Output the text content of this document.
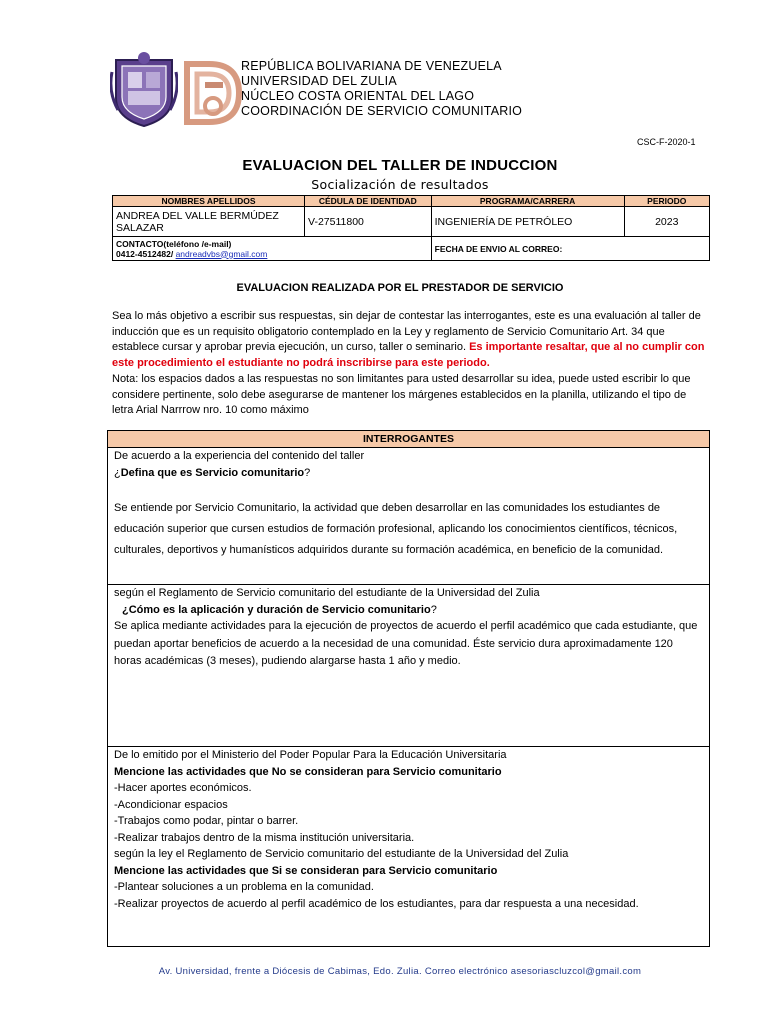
REPÚBLICA BOLIVARIANA DE VENEZUELA
UNIVERSIDAD DEL ZULIA
NÚCLEO COSTA ORIENTAL DEL LAGO
COORDINACIÓN DE SERVICIO COMUNITARIO
CSC-F-2020-1
EVALUACION DEL TALLER DE INDUCCION
Socialización de resultados
NOMBRES APELLIDOS	CÉDULA DE IDENTIDAD	PROGRAMA/CARRERA	PERIODO
ANDREA DEL VALLE BERMÚDEZ SALAZAR	V-27511800	INGENIERÍA DE PETRÓLEO	2023

CONTACTO(teléfono /e-mail)
0412-4512482/ andreadvbs@gmail.com		FECHA DE ENVIO AL CORREO:	
EVALUACION REALIZADA POR EL PRESTADOR DE SERVICIO
Sea lo más objetivo a escribir sus respuestas, sin dejar de contestar las interrogantes, este es una evaluación al taller de inducción que es un requisito obligatorio contemplado en la Ley y reglamento de Servicio Comunitario Art. 34 que establece cursar y aprobar previa ejecución, un curso, taller o seminario. Es importante resaltar, que al no cumplir con este procedimiento el estudiante no podrá inscribirse para este periodo.
Nota: los espacios dados a las respuestas no son limitantes para usted desarrollar su idea, puede usted escribir lo que considere pertinente, solo debe asegurarse de mantener los márgenes establecidos en la planilla, utilizando el tipo de letra Arial Narrrow nro. 10 como máximo
INTERROGANTES

De acuerdo a la experiencia del contenido del taller

¿Defina que es Servicio comunitario?

Se entiende por Servicio Comunitario, la actividad que deben desarrollar en las comunidades los estudiantes de educación superior que cursen estudios de formación profesional, aplicando los conocimientos científicos, técnicos, culturales, deportivos y humanísticos adquiridos durante su formación académica, en beneficio de la comunidad.

según el Reglamento de Servicio comunitario del estudiante de la Universidad del Zulia

¿Cómo es la aplicación y duración de Servicio comunitario?

Se aplica mediante actividades para la ejecución de proyectos de acuerdo el perfil académico que cada estudiante, que puedan aportar beneficios de acuerdo a la necesidad de una comunidad. Éste servicio dura aproximadamente 120 horas académicas (3 meses), pudiendo alargarse hasta 1 año y medio.

De lo emitido por el Ministerio del Poder Popular Para la Educación Universitaria

Mencione las actividades que No se consideran para Servicio comunitario

-Hacer aportes económicos.

-Acondicionar espacios

-Trabajos como podar, pintar o barrer.

-Realizar trabajos dentro de la misma institución universitaria.

según la ley el Reglamento de Servicio comunitario del estudiante de la Universidad del Zulia

Mencione las actividades que Si se consideran para Servicio comunitario

-Plantear soluciones a un problema en la comunidad.

-Realizar proyectos de acuerdo al perfil académico de los estudiantes, para dar respuesta a una necesidad.

Av. Universidad, frente a Diócesis de Cabimas, Edo. Zulia. Correo electrónico asesoriascluzcol@gmail.com
